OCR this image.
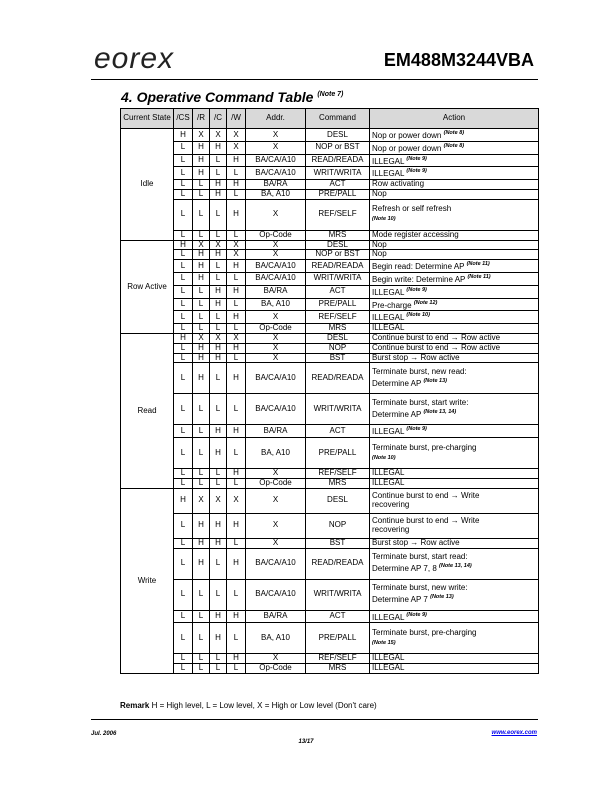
eorex	EM488M3244VBA
4. Operative Command Table $^{(Note 7)}$
Current State	/CS	/R	/C	/W	Addr.	Command	Action
Idle	H	X	X	X	X	DESL	Nop or power down $^{(Note 8)}$
	L	H	H	X	X	NOP or BST	Nop or power down $^{(Note 8)}$
	L	H	L	H	BA/CA/A10	READ/READA	ILLEGAL $^{(Note 9)}$
	L	H	L	L	BA/CA/A10	WRIT/WRITA	ILLEGAL $^{(Note 9)}$
	L	L	H	H	BA/RA	ACT	Row activating
	L	L	H	L	BA, A10	PRE/PALL	Nop
	L	L	L	H	X	REF/SELF	Refresh or self refresh
(Note 10)
	L	L	L	L	Op-Code	MRS	Mode register accessing
Row Active	H	X	X	X	X	DESL	Nop
	L	H	H	X	X	NOP or BST	Nop
	L	H	L	H	BA/CA/A10	READ/READA	Begin read: Determine AP $^{(Note 11)}$
	L	H	L	L	BA/CA/A10	WRIT/WRITA	Begin write: Determine AP $^{(Note 11)}$
	L	L	H	H	BA/RA	ACT	ILLEGAL $^{(Note 9)}$
	L	L	H	L	BA, A10	PRE/PALL	Pre-charge $^{(Note 12)}$
	L	L	L	H	X	REF/SELF	ILLEGAL $^{(Note 10)}$
	L	L	L	L	Op-Code	MRS	ILLEGAL
Read	H	X	X	X	X	DESL	Continue burst to end → Row active
	L	H	H	H	X	NOP	Continue burst to end → Row active
	L	H	H	L	X	BST	Burst stop → Row active
	L	H	L	H	BA/CA/A10	READ/READA	Terminate burst, new read:
Determine AP $^{(Note 13)}$
	L	L	L	L	BA/CA/A10	WRIT/WRITA	Terminate burst, start write:
Determine AP $^{(Note 13, 14)}$
	L	L	H	H	BA/RA	ACT	ILLEGAL $^{(Note 9)}$
	L	L	H	L	BA, A10	PRE/PALL	Terminate burst, pre-charging
(Note 10)
	L	L	L	H	X	REF/SELF	ILLEGAL
	L	L	L	L	Op-Code	MRS	ILLEGAL
Write	H	X	X	X	X	DESL	Continue burst to end → Write
recovering
	L	H	H	H	X	NOP	Continue burst to end → Write
recovering
	L	H	H	L	X	BST	Burst stop → Row active
	L	H	L	H	BA/CA/A10	READ/READA	Terminate burst, start read:
Determine AP 7, 8 $^{(Note 13, 14)}$
	L	L	L	L	BA/CA/A10	WRIT/WRITA	Terminate burst, new write:
Determine AP 7 $^{(Note 13)}$
	L	L	H	H	BA/RA	ACT	ILLEGAL $^{(Note 9)}$
	L	L	H	L	BA, A10	PRE/PALL	Terminate burst, pre-charging
(Note 15)
	L	L	L	H	X	REF/SELF	ILLEGAL
	L	L	L	L	Op-Code	MRS	ILLEGAL
Remark H = High level, L = Low level, X = High or Low level (Don't care)
Jul. 2006
13/17
www.eorex.com
